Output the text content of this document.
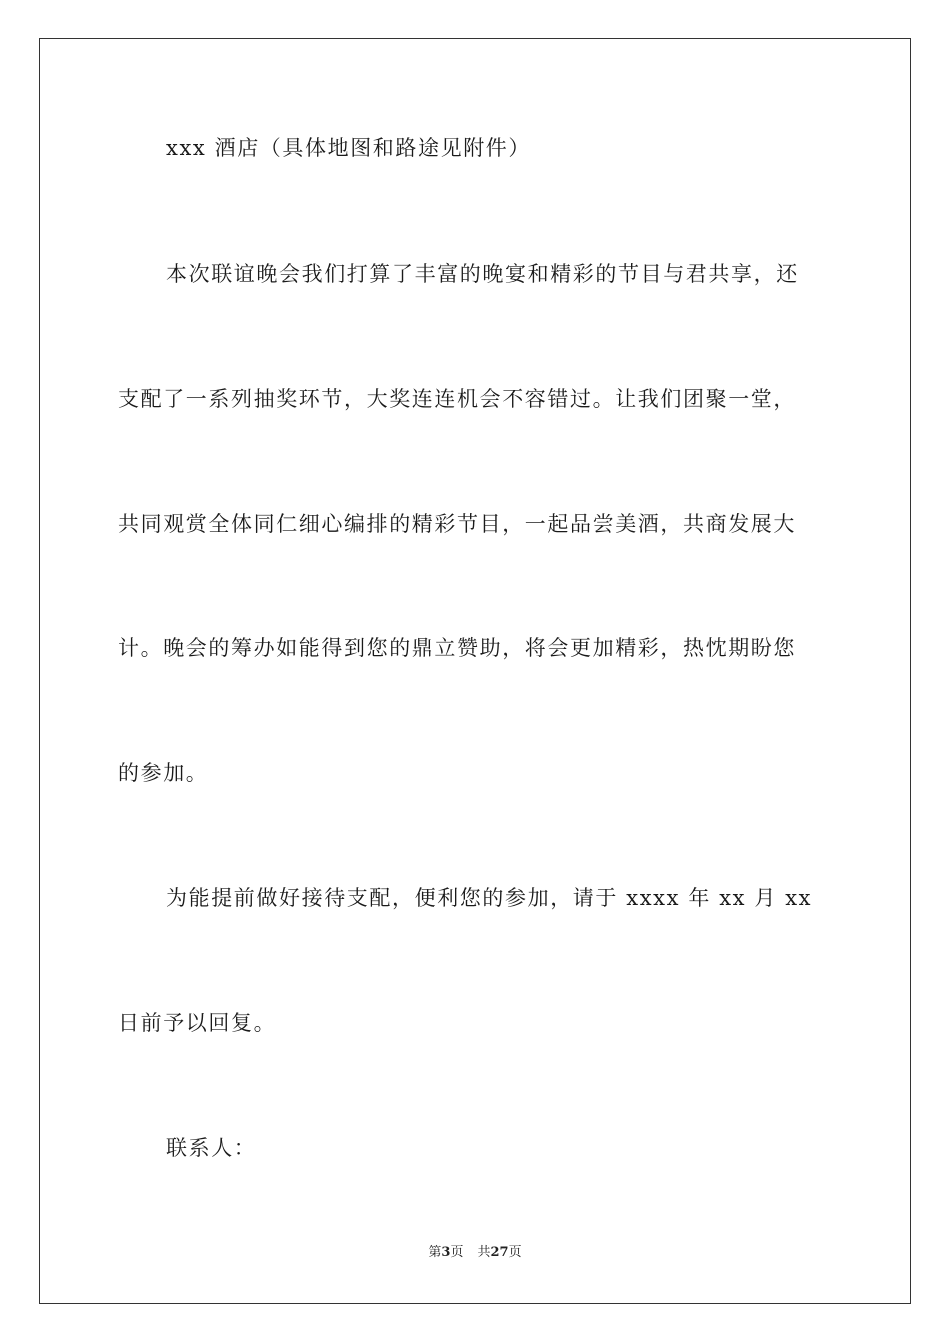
xxx 酒店（具体地图和路途见附件）
本次联谊晚会我们打算了丰富的晚宴和精彩的节目与君共享，还
支配了一系列抽奖环节，大奖连连机会不容错过。让我们团聚一堂，
共同观赏全体同仁细心编排的精彩节目，一起品尝美酒，共商发展大
计。晚会的筹办如能得到您的鼎立赞助，将会更加精彩，热忱期盼您
的参加。
为能提前做好接待支配，便利您的参加，请于 xxxx 年 xx 月 xx
日前予以回复。
联系人：
第3页 共27页
